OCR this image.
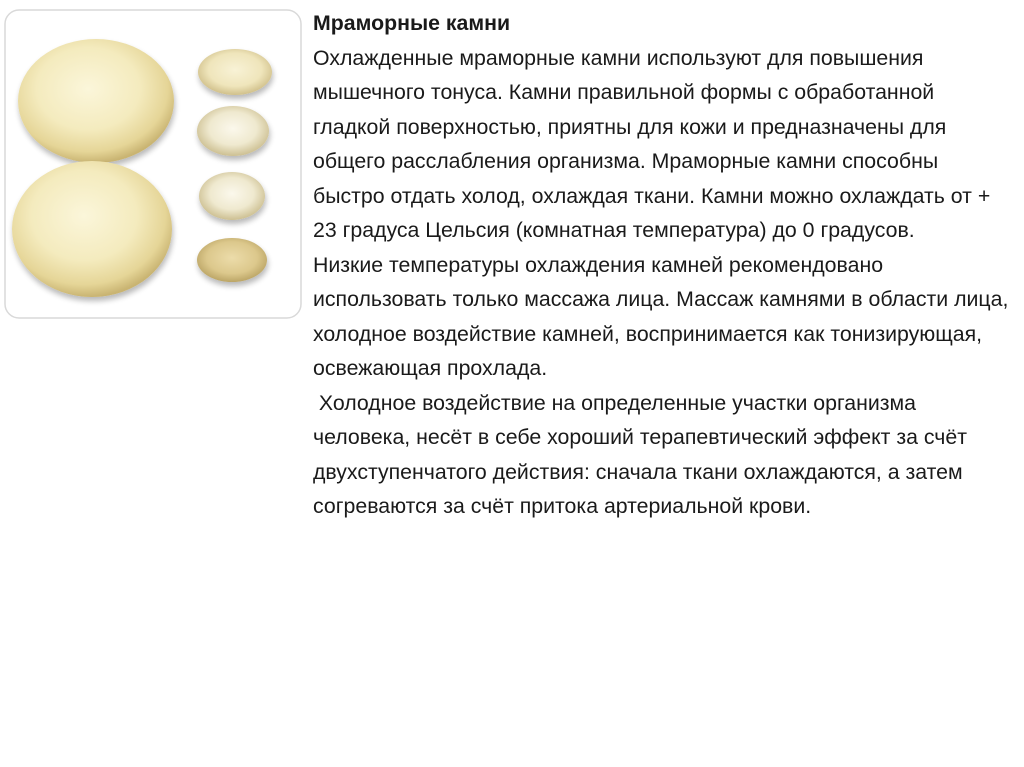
Мраморные камни
Охлажденные мраморные камни используют для повышения мышечного тонуса. Камни правильной формы с обработанной гладкой поверхностью, приятны для кожи и предназначены для общего расслабления организма. Мраморные камни способны быстро отдать холод, охлаждая ткани. Камни можно охлаждать от + 23 градуса Цельсия (комнатная температура) до 0 градусов.
Низкие температуры охлаждения камней рекомендовано использовать только массажа лица. Массаж камнями в области лица, холодное воздействие камней, воспринимается как тонизирующая, освежающая прохлада.
Холодное воздействие на определенные участки организма человека, несёт в себе хороший терапевтический эффект за счёт двухступенчатого действия: сначала ткани охлаждаются, а затем согреваются за счёт притока артериальной крови.
